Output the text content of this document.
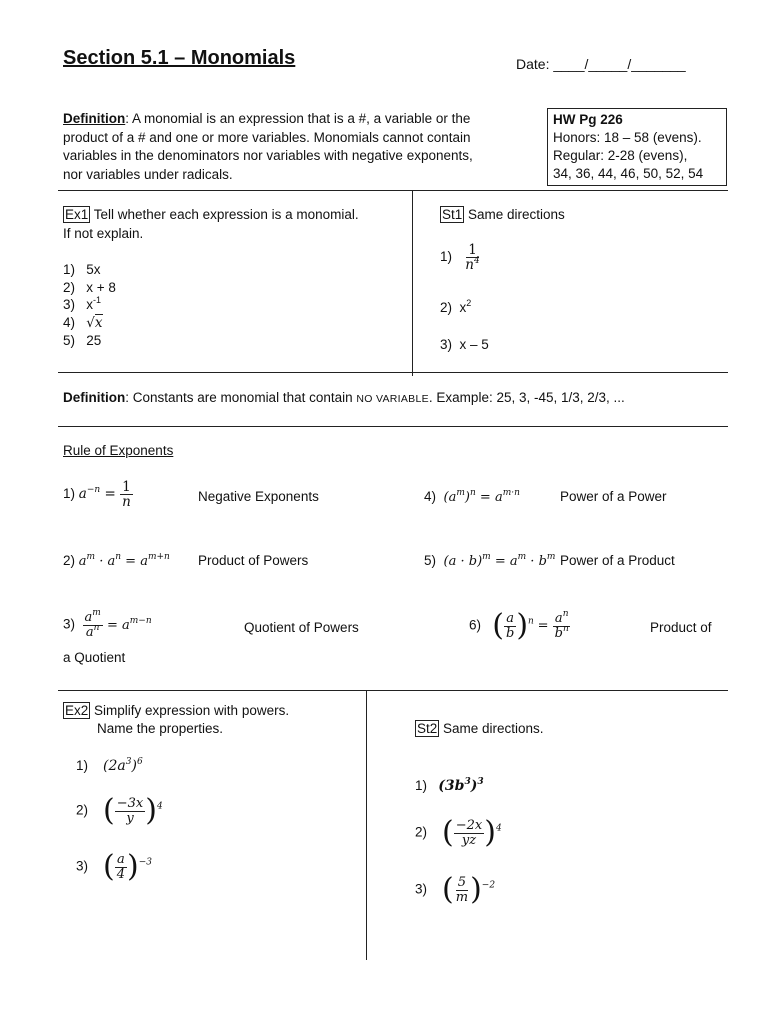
Section 5.1 – Monomials	Date: ____/_____/_______
Definition: A monomial is an expression that is a #, a variable or the product of a # and one or more variables. Monomials cannot contain variables in the denominators nor variables with negative exponents, nor variables under radicals.
HW Pg 226
Honors: 18 – 58 (evens).
Regular: 2-28 (evens),
34, 36, 44, 46, 50, 52, 54
Ex1 Tell whether each expression is a monomial.
If not explain.
1) 5x
2) x + 8
3) $x^{-1}$
4) √x
5) 25
St1 Same directions
$1) \frac{1}{n^4}$
2) $x^2$
3) x – 5
Definition: Constants are monomial that contain NO VARIABLE. Example: 25, 3, -45, 1/3, 2/3, ...
Rule of Exponents
1) $a^{-n} = \frac{1}{n}$	Negative Exponents	4) $(a^m)^n = a^{m\cdot n}$	Power of a Power
2) $a^m \cdot a^n = a^{m+n}$ Product of Powers	5) $(a \cdot b)^m = a^m \cdot b^m$ Power of a Product
$3) \frac{a^m}{a^n} = a^{m-n}$	Quotient of Powers	6) ( $\frac{a}{b} )^n = \frac{a^n}{b^n}$	Product of
a Quotient
Ex2 Simplify expression with powers.
Name the properties.
1) $(2a^3)^6$
2) ( $\frac{-3x}{y} )^4$
3) ( $\frac{a}{4} )^{-3}$
St2 Same directions.
1) $(3b^3)^3$
2) ( $\frac{-2x}{yz} )^4$
3) ( $\frac{5}{m} )^{-2}$
